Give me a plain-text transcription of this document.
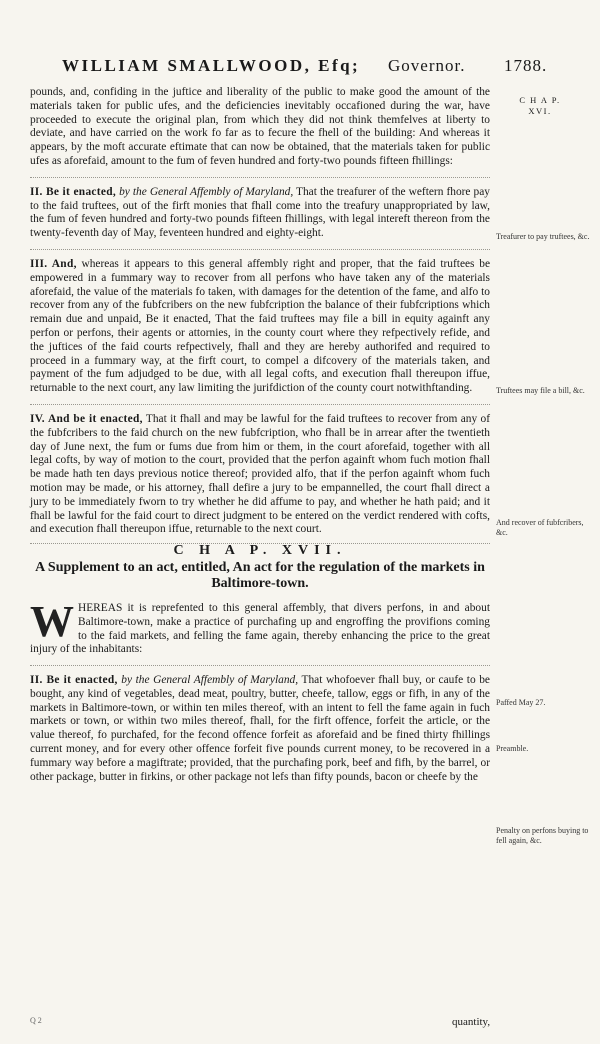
WILLIAM SMALLWOOD, Efq; Governor. 1788.
C H A P.
XVI.

pounds, and, confiding in the juftice and liberality of the public to make good the amount of the materials taken for public ufes, and the deficiencies inevitably occafioned during the war, have proceeded to execute the original plan, from which they did not think themfelves at liberty to deviate, and have carried on the work fo far as to fecure the fhell of the building: And whereas it appears, by the moft accurate eftimate that can now be obtained, that the materials taken for public ufes as aforefaid, amount to the fum of feven hundred and forty-two pounds fifteen fhillings:

II. Be it enacted, by the General Affembly of Maryland, That the treafurer of the weftern fhore pay to the faid truftees, out of the firft monies that fhall come into the treafury unappropriated by law, the fum of feven hundred and forty-two pounds fifteen fhillings, with legal intereft thereon from the twenty-feventh day of May, feventeen hundred and eighty-eight.

III. And, whereas it appears to this general affembly right and proper, that the faid truftees be empowered in a fummary way to recover from all perfons who have taken any of the materials aforefaid, the value of the materials fo taken, with damages for the detention of the fame, and alfo to recover from any of the fubfcribers on the new fubfcription the balance of their fubfcriptions which remain due and unpaid, Be it enacted, That the faid truftees may file a bill in equity againft any perfon or perfons, their agents or attornies, in the county court where they refpectively refide, and the juftices of the faid courts refpectively, fhall and they are hereby authorifed and required to proceed in a fummary way, at the firft court, to compel a difcovery of the materials taken, and payment of the fum adjudged to be due, with all legal cofts, and execution fhall thereupon iffue, returnable to the next court, any law limiting the jurifdiction of the county court notwithftanding.

IV. And be it enacted, That it fhall and may be lawful for the faid truftees to recover from any of the fubfcribers to the faid church on the new fubfcription, who fhall be in arrear after the twentieth day of June next, the fum or fums due from him or them, in the court aforefaid, together with all legal cofts, by way of motion to the court, provided that the perfon againft whom fuch motion fhall be made hath ten days previous notice thereof; provided alfo, that if the perfon againft whom fuch motion may be made, or his attorney, fhall defire a jury to be empannelled, the court fhall direct a jury to be immediately fworn to try whether he did affume to pay, and whether he hath paid; and it fhall be lawful for the faid court to direct judgment to be entered on the verdict rendered with cofts, and execution fhall thereupon iffue, returnable to the next court.

C H A P. XVII.
A Supplement to an act, entitled, An act for the regulation of the markets in Baltimore-town.

W HEREAS it is reprefented to this general affembly, that divers perfons, in and about Baltimore-town, make a practice of purchafing up and engroffing the provifions coming to the faid markets, and felling the fame again, thereby enhancing the price to the great injury of the inhabitants:

II. Be it enacted, by the General Affembly of Maryland, That whofoever fhall buy, or caufe to be bought, any kind of vegetables, dead meat, poultry, butter, cheefe, tallow, eggs or fifh, in any of the markets in Baltimore-town, or within ten miles thereof, with an intent to fell the fame again in fuch markets or town, or within two miles thereof, fhall, for the firft offence, forfeit the article, or the value thereof, fo purchafed, for the fecond offence forfeit as aforefaid and be fined thirty fhillings current money, and for every other offence forfeit five pounds current money, to be recovered in a fummary way before a magiftrate; provided, that the purchafing pork, beef and fifh, by the barrel, or other package, butter in firkins, or other package not lefs than fifty pounds, bacon or cheefe by the

Treafurer to pay truftees, &c.
Truftees may file a bill, &c.
And recover of fubfcribers, &c.
Paffed May 27.
Preamble.
Penalty on perfons buying to fell again, &c.
Q 2	quantity,
